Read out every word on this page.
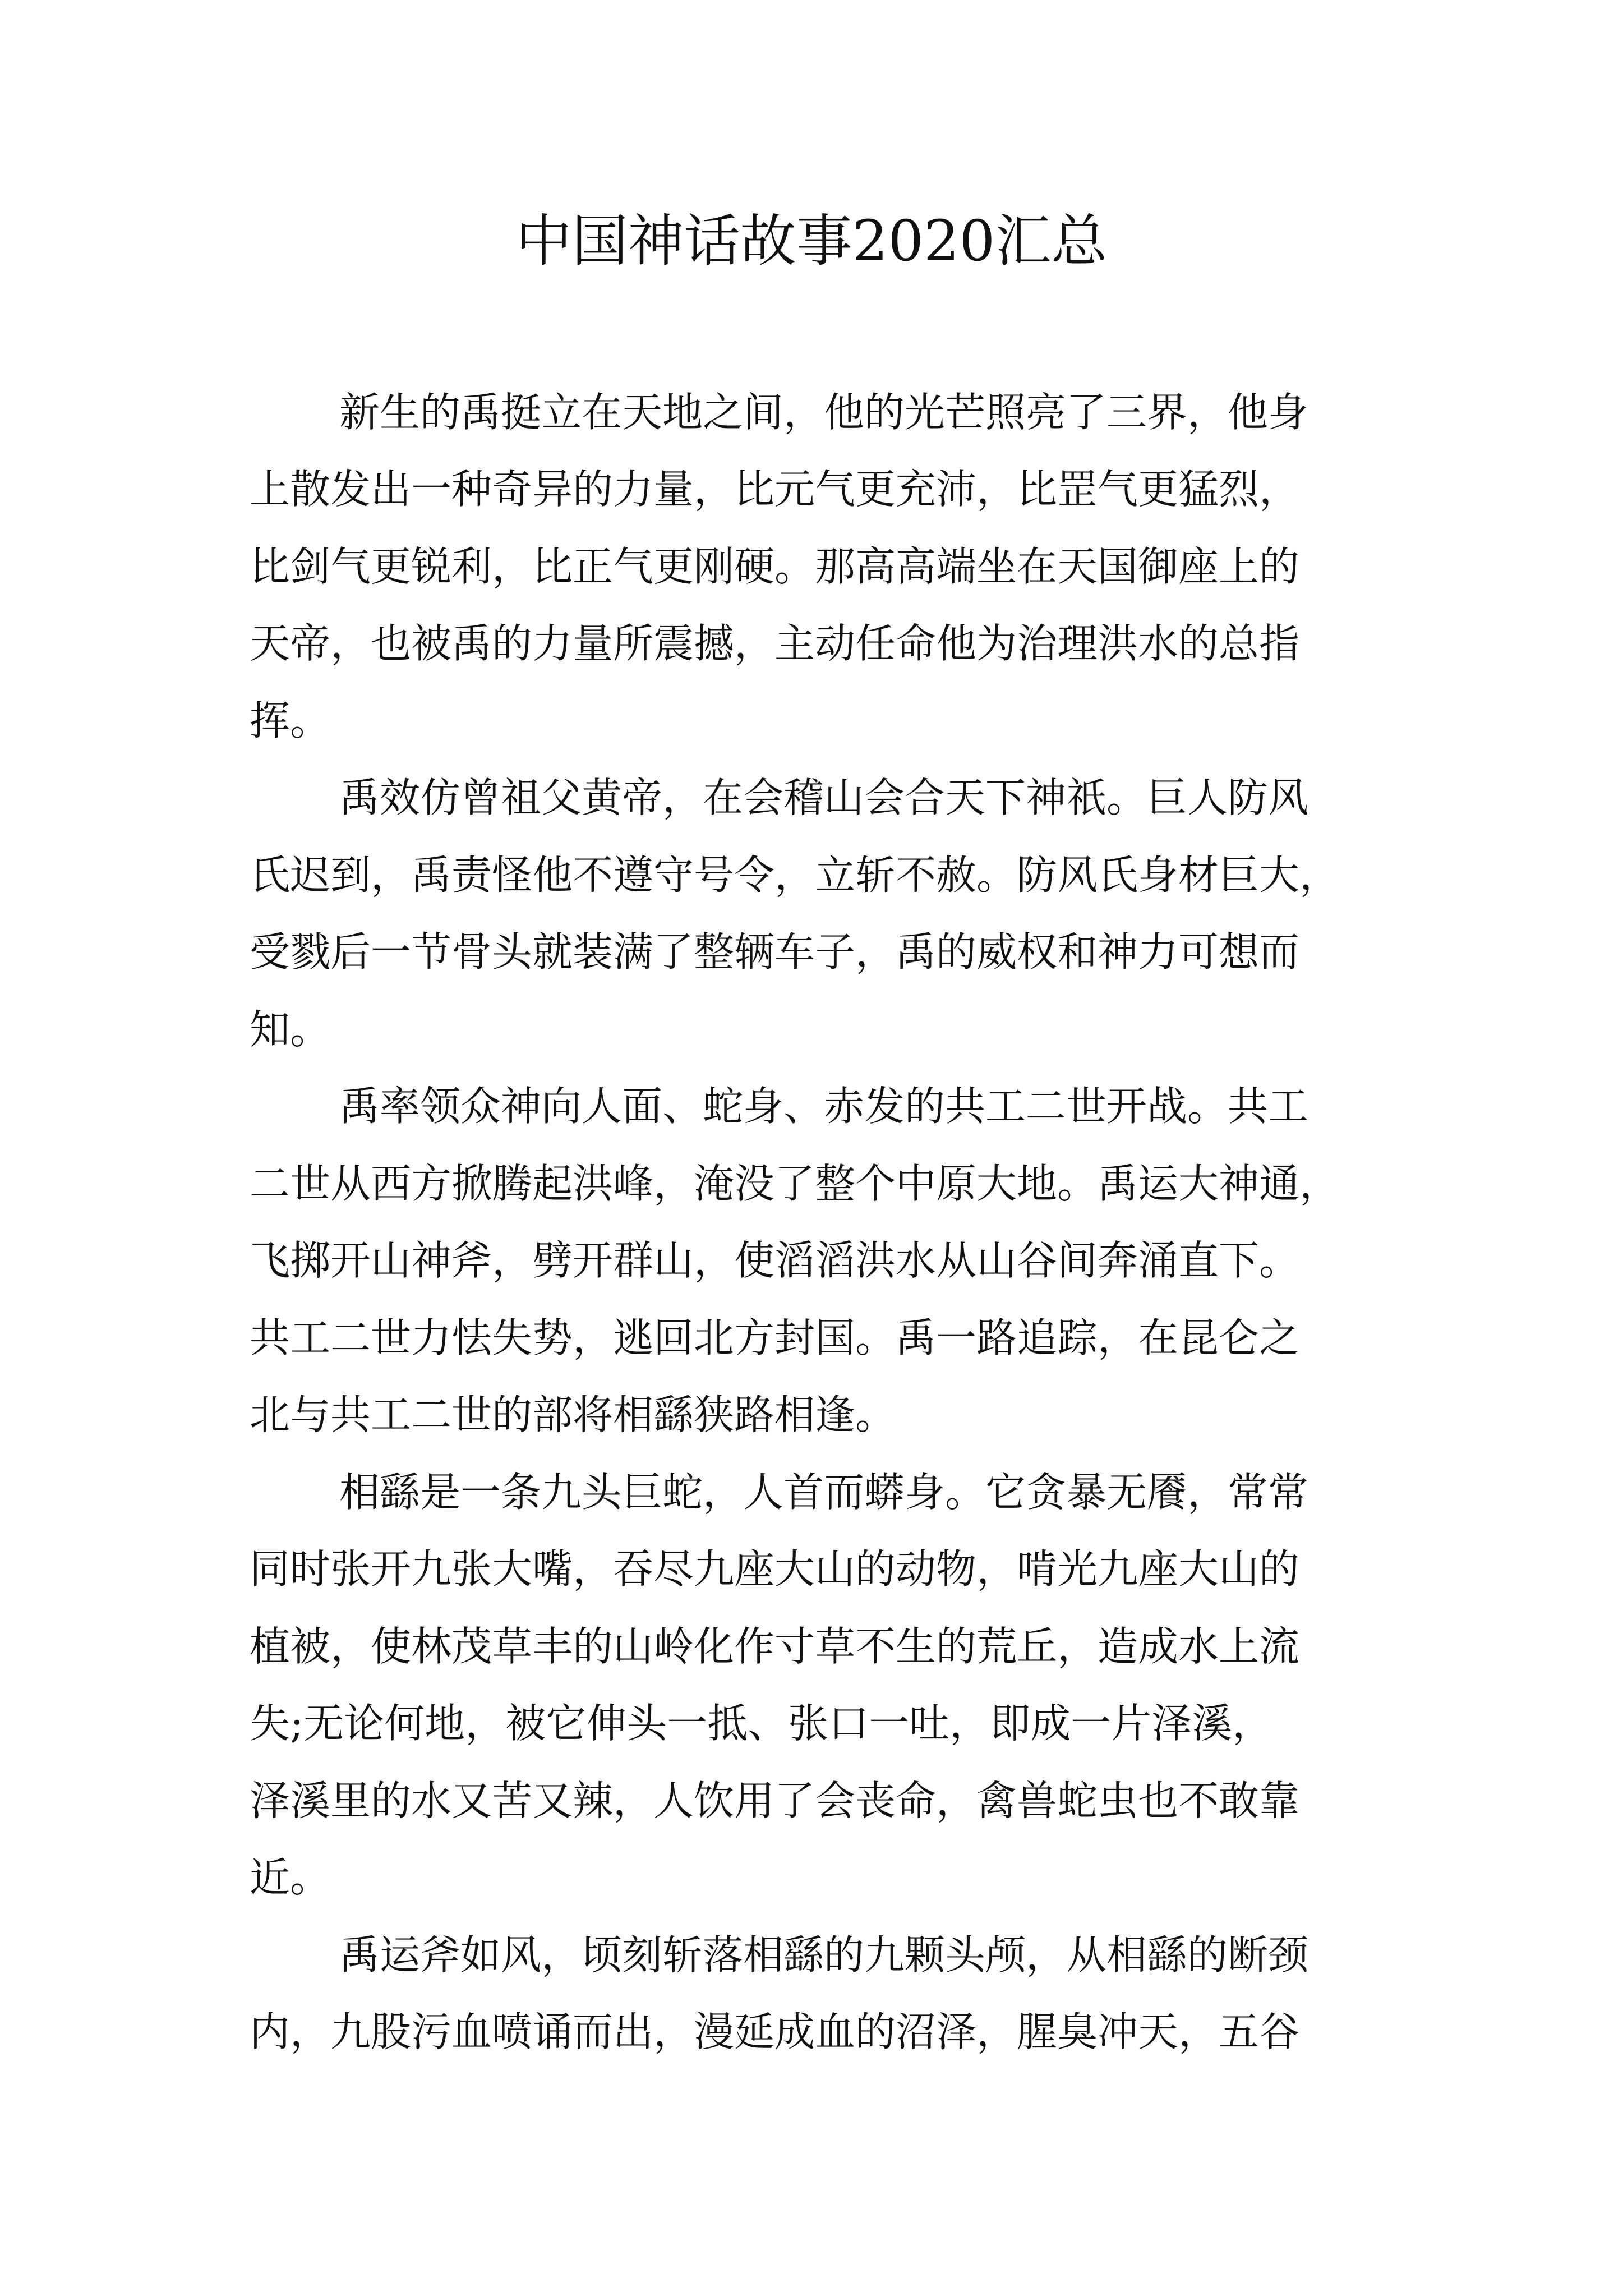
中国神话故事2020汇总
新生的禹挺立在天地之间，他的光芒照亮了三界，他身
上散发出一种奇异的力量，比元气更充沛，比罡气更猛烈，
比剑气更锐利，比正气更刚硬。那高高端坐在天国御座上的
天帝，也被禹的力量所震撼，主动任命他为治理洪水的总指
挥。
禹效仿曾祖父黄帝，在会稽山会合天下神祇。巨人防风
氏迟到，禹责怪他不遵守号令，立斩不赦。防风氏身材巨大，
受戮后一节骨头就装满了整辆车子，禹的威权和神力可想而
知。
禹率领众神向人面、蛇身、赤发的共工二世开战。共工
二世从西方掀腾起洪峰，淹没了整个中原大地。禹运大神通，
飞掷开山神斧，劈开群山，使滔滔洪水从山谷间奔涌直下。
共工二世力怯失势，逃回北方封国。禹一路追踪，在昆仑之
北与共工二世的部将相繇狭路相逢。
相繇是一条九头巨蛇，人首而蟒身。它贪暴无餍，常常
同时张开九张大嘴，吞尽九座大山的动物，啃光九座大山的
植被，使林茂草丰的山岭化作寸草不生的荒丘，造成水上流
失;无论何地，被它伸头一抵、张口一吐，即成一片泽溪，
泽溪里的水又苦又辣，人饮用了会丧命，禽兽蛇虫也不敢靠
近。
禹运斧如风，顷刻斩落相繇的九颗头颅，从相繇的断颈
内，九股污血喷诵而出，漫延成血的沼泽，腥臭冲天，五谷
